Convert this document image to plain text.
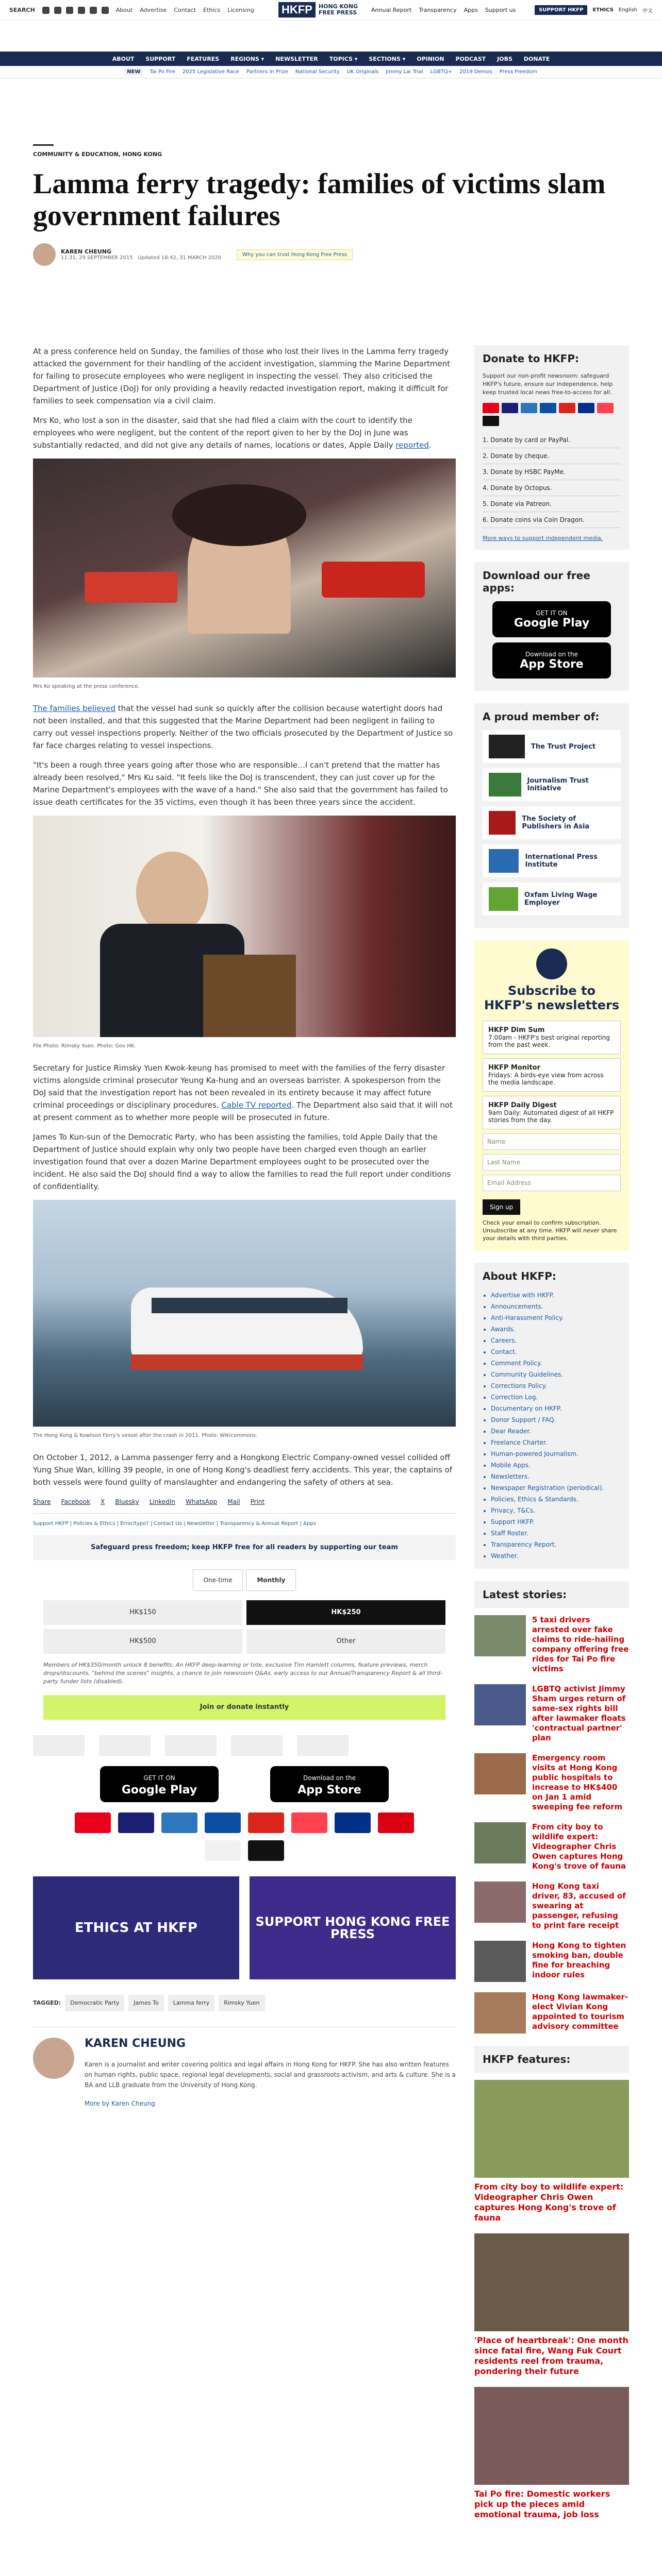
SEARCH	About Advertise Contact Ethics Licensing HKFP	HONG KONG
FREE PRESS	Annual Report Transparency Apps Support us	SUPPORT HKFP	ETHICS English 中文
ABOUT SUPPORT FEATURES REGIONS ▾ NEWSLETTER TOPICS ▾ SECTIONS ▾ OPINION PODCAST JOBS DONATE
NEW	Tai Po Fire 2025 Legislative Race Partners in Prize National Security UK Originals Jimmy Lai Trial LGBTQ+ 2019 Demos Press Freedom
COMMUNITY & EDUCATION, HONG KONG
Lamma ferry tragedy: families of victims slam government failures
KAREN CHEUNG
11:31, 29 SEPTEMBER 2015 Updated 18:42, 31 MARCH 2020
Why you can trust Hong Kong Free Press

At a press conference held on Sunday, the families of those who lost their lives in the Lamma ferry tragedy attacked the government for their handling of the accident investigation, slamming the Marine Department for failing to prosecute employees who were negligent in inspecting the vessel. They also criticised the Department of Justice (DoJ) for only providing a heavily redacted investigation report, making it difficult for families to seek compensation via a civil claim.

Mrs Ko, who lost a son in the disaster, said that she had filed a claim with the court to identify the employees who were negligent, but the content of the report given to her by the DoJ in June was substantially redacted, and did not give any details of names, locations or dates, Apple Daily reported.

Mrs Ko speaking at the press conference.

The families believed that the vessel had sunk so quickly after the collision because watertight doors had not been installed, and that this suggested that the Marine Department had been negligent in failing to carry out vessel inspections properly. Neither of the two officials prosecuted by the Department of Justice so far face charges relating to vessel inspections.

"It's been a rough three years going after those who are responsible…I can't pretend that the matter has already been resolved," Mrs Ku said. "It feels like the DoJ is transcendent, they can just cover up for the Marine Department's employees with the wave of a hand." She also said that the government has failed to issue death certificates for the 35 victims, even though it has been three years since the accident.

File Photo: Rimsky Yuen. Photo: Gov HK.

Secretary for Justice Rimsky Yuen Kwok-keung has promised to meet with the families of the ferry disaster victims alongside criminal prosecutor Yeung Ka-hung and an overseas barrister. A spokesperson from the DoJ said that the investigation report has not been revealed in its entirety because it may affect future criminal proceedings or disciplinary procedures. Cable TV reported. The Department also said that it will not at present comment as to whether more people will be prosecuted in future.

James To Kun-sun of the Democratic Party, who has been assisting the families, told Apple Daily that the Department of Justice should explain why only two people have been charged even though an earlier investigation found that over a dozen Marine Department employees ought to be prosecuted over the incident. He also said the DoJ should find a way to allow the families to read the full report under conditions of confidentiality.

The Hong Kong & Kowloon Ferry's vessel after the crash in 2011. Photo: Wikicommons.

On October 1, 2012, a Lamma passenger ferry and a Hongkong Electric Company-owned vessel collided off Yung Shue Wan, killing 39 people, in one of Hong Kong's deadliest ferry accidents. This year, the captains of both vessels were found guilty of manslaughter and endangering the safety of others at sea.

Share Facebook X Bluesky LinkedIn WhatsApp Mail Print
Support HKFP | Policies & Ethics | Error/typo? | Contact Us | Newsletter | Transparency & Annual Report | Apps
Safeguard press freedom; keep HKFP free for all readers by supporting our team
One-time	Monthly
HK$150	HK$250
HK$500	Other

Members of HK$350/month unlock 8 benefits: An HKFP deep-learning or tote, exclusive Tim Hamlett columns, feature previews, merch drops/discounts, "behind the scenes" insights, a chance to join newsroom Q&As, early access to our Annual/Transparency Report & all third-party funder lists (disabled).

Join or donate instantly
GET IT ON
Google Play
Download on the
App Store
ETHICS AT HKFP	SUPPORT HONG KONG FREE PRESS
TAGGED:	Democratic Party	James To	Lamma ferry	Rimsky Yuen
KAREN CHEUNG

Karen is a journalist and writer covering politics and legal affairs in Hong Kong for HKFP. She has also written features on human rights, public space, regional legal developments, social and grassroots activism, and arts & culture. She is a BA and LLB graduate from the University of Hong Kong.

More by Karen Cheung
Donate to HKFP:
Support our non-profit newsroom: safeguard HKFP's future, ensure our independence, help keep trusted local news free-to-access for all.
1. Donate by card or PayPal.
2. Donate by cheque.
3. Donate by HSBC PayMe.
4. Donate by Octopus.
5. Donate via Patreon.
6. Donate coins via Coin Dragon.
More ways to support independent media.
Download our free apps:
GET IT ON
Google Play
Download on the
App Store
A proud member of:
The Trust Project
Journalism Trust Initiative
The Society of Publishers in Asia
International Press Institute
Oxfam Living Wage Employer
Subscribe to HKFP's newsletters
HKFP Dim Sum
7:00am - HKFP's best original reporting from the past week.
HKFP Monitor
Fridays: A birds-eye view from across the media landscape.
HKFP Daily Digest
9am Daily: Automated digest of all HKFP stories from the day.
Name
Last Name
Email Address
Sign up
Check your email to confirm subscription. Unsubscribe at any time. HKFP will never share your details with third parties.
About HKFP:
• Advertise with HKFP.
• Announcements.
• Anti-Harassment Policy.
• Awards.
• Careers.
• Contact.
• Comment Policy.
• Community Guidelines.
• Corrections Policy.
• Correction Log.
• Documentary on HKFP.
• Donor Support / FAQ.
• Dear Reader.
• Freelance Charter.
• Human-powered Journalism.
• Mobile Apps.
• Newsletters.
• Newspaper Registration (periodical).
• Policies, Ethics & Standards.
• Privacy, T&Cs.
• Support HKFP.
• Staff Roster.
• Transparency Report.
• Weather.
Latest stories:
5 taxi drivers arrested over fake claims to ride-hailing company offering free rides for Tai Po fire victims
LGBTQ activist Jimmy Sham urges return of same-sex rights bill after lawmaker floats 'contractual partner' plan
Emergency room visits at Hong Kong public hospitals to increase to HK$400 on Jan 1 amid sweeping fee reform
From city boy to wildlife expert: Videographer Chris Owen captures Hong Kong's trove of fauna
Hong Kong taxi driver, 83, accused of swearing at passenger, refusing to print fare receipt
Hong Kong to tighten smoking ban, double fine for breaching indoor rules
Hong Kong lawmaker-elect Vivian Kong appointed to tourism advisory committee
HKFP features:
From city boy to wildlife expert: Videographer Chris Owen captures Hong Kong's trove of fauna
'Place of heartbreak': One month since fatal fire, Wang Fuk Court residents reel from trauma, pondering their future
Tai Po fire: Domestic workers pick up the pieces amid emotional trauma, job loss
